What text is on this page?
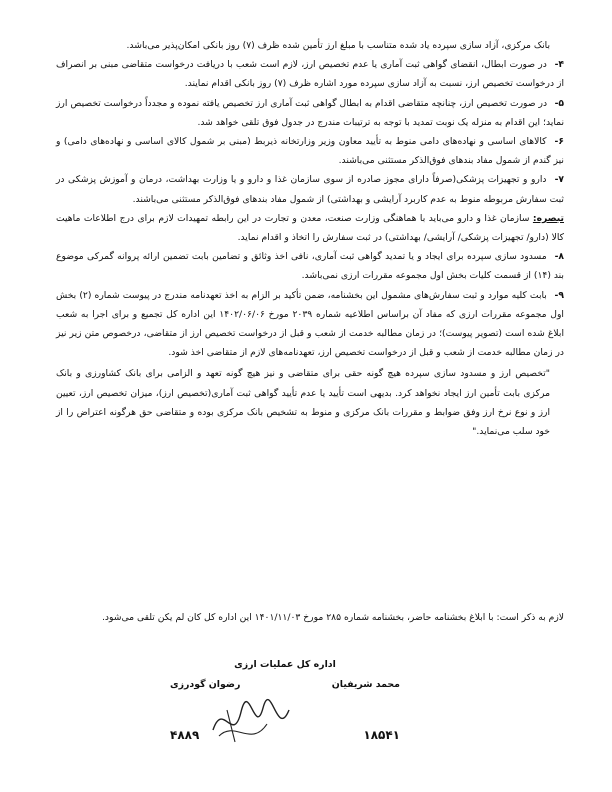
بانک مرکزی، آزاد سازی سپرده یاد شده متناسب با مبلغ ارز تأمین شده ظرف (۷) روز بانکی امکان‌پذیر می‌باشد.

۴- در صورت ابطال، انقضای گواهی ثبت آماری یا عدم تخصیص ارز، لازم است شعب با دریافت درخواست متقاضی مبنی بر انصراف از درخواست تخصیص ارز، نسبت به آزاد سازی سپرده مورد اشاره ظرف (۷) روز بانکی اقدام نمایند.

۵- در صورت تخصیص ارز، چنانچه متقاضی اقدام به ابطال گواهی ثبت آماری ارز تخصیص یافته نموده و مجدداً درخواست تخصیص ارز نماید؛ این اقدام به منزله یک نوبت تمدید با توجه به ترتیبات مندرج در جدول فوق تلقی خواهد شد.

۶- کالاهای اساسی و نهاده‌های دامی منوط به تأیید معاون وزیر وزارتخانه ذیربط (مبنی بر شمول کالای اساسی و نهاده‌های دامی) و نیز گندم از شمول مفاد بندهای فوق‌الذکر مستثنی می‌باشند.

۷- دارو و تجهیزات پزشکی(صرفاً دارای مجوز صادره از سوی سازمان غذا و دارو و یا وزارت بهداشت، درمان و آموزش پزشکی در ثبت سفارش مربوطه منوط به عدم کاربرد آرایشی و بهداشتی) از شمول مفاد بندهای فوق‌الذکر مستثنی می‌باشند.

تبصره: سازمان غذا و دارو می‌باید با هماهنگی وزارت صنعت، معدن و تجارت در این رابطه تمهیدات لازم برای درج اطلاعات ماهیت کالا (دارو/ تجهیزات پزشکی/ آرایشی/ بهداشتی) در ثبت سفارش را اتخاذ و اقدام نماید.

۸- مسدود سازی سپرده برای ایجاد و یا تمدید گواهی ثبت آماری، نافی اخذ وثائق و تضامین بابت تضمین ارائه پروانه گمرکی موضوع بند (۱۴) از قسمت کلیات بخش اول مجموعه مقررات ارزی نمی‌باشد.

۹- بابت کلیه موارد و ثبت سفارش‌های مشمول این بخشنامه، ضمن تأکید بر الزام به اخذ تعهدنامه مندرج در پیوست شماره (۲) بخش اول مجموعه مقررات ارزی که مفاد آن براساس اطلاعیه شماره ۲۰۳۹ مورخ ۱۴۰۲/۰۶/۰۶ این اداره کل تجمیع و برای اجرا به شعب ابلاغ شده است (تصویر پیوست)؛ در زمان مطالبه خدمت از شعب و قبل از درخواست تخصیص ارز از متقاضی، درخصوص متن زیر نیز در زمان مطالبه خدمت از شعب و قبل از درخواست تخصیص ارز، تعهدنامه‌های لازم از متقاضی اخذ شود.

"تخصیص ارز و مسدود سازی سپرده هیچ گونه حقی برای متقاضی و نیز هیچ گونه تعهد و الزامی برای بانک کشاورزی و بانک مرکزی بابت تأمین ارز ایجاد نخواهد کرد. بدیهی است تأیید یا عدم تأیید گواهی ثبت آماری(تخصیص ارز)، میزان تخصیص ارز، تعیین ارز و نوع نرخ ارز وفق ضوابط و مقررات بانک مرکزی و منوط به تشخیص بانک مرکزی بوده و متقاضی حق هرگونه اعتراض را از خود سلب می‌نماید."

لازم به ذکر است: با ابلاغ بخشنامه حاضر، بخشنامه شماره ۲۸۵ مورخ ۱۴۰۱/۱۱/۰۳ این اداره کل کان لم یکن تلقی می‌شود.

اداره کل عملیات ارزی
محمد شریفیان
رضوان گودرزی
۱۸۵۴۱
۴۸۸۹
